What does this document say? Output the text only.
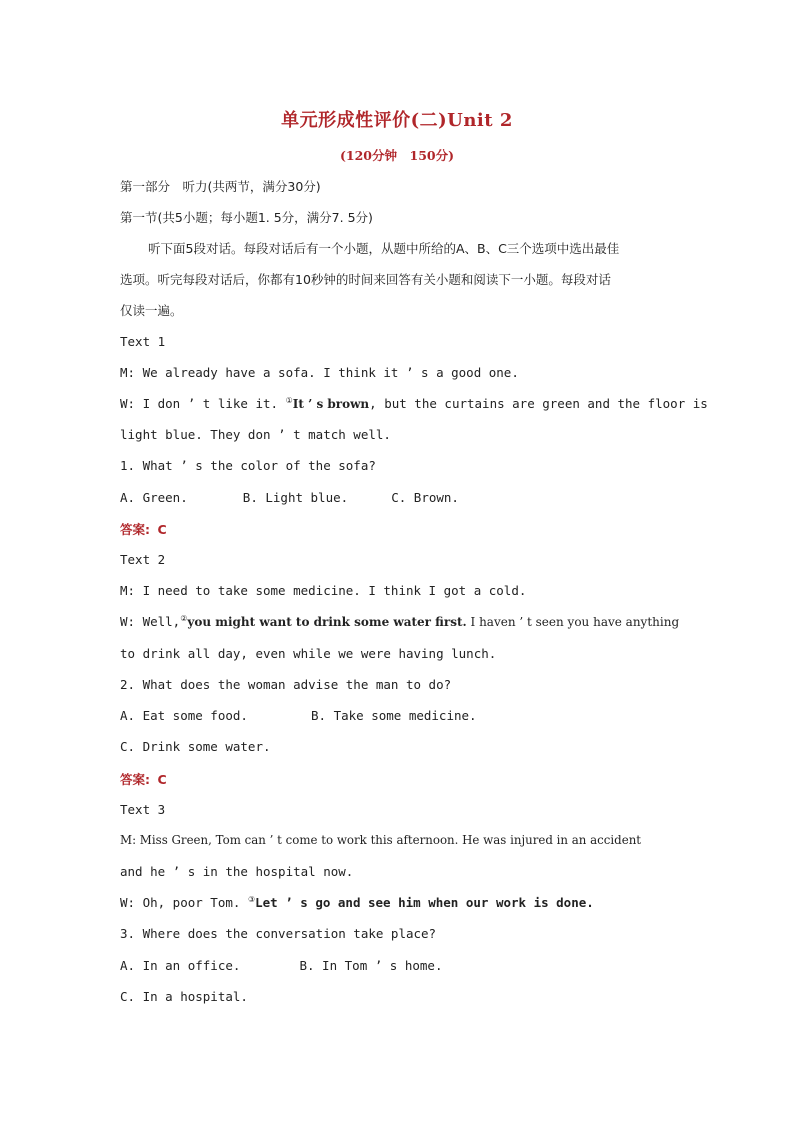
单元形成性评价(二)Unit 2
(120分钟　150分)
第一部分　听力(共两节，满分30分)
第一节(共5小题；每小题1. 5分，满分7. 5分)
听下面5段对话。每段对话后有一个小题，从题中所给的A、B、C三个选项中选出最佳
选项。听完每段对话后，你都有10秒钟的时间来回答有关小题和阅读下一小题。每段对话
仅读一遍。
Text 1
M: We already have a sofa. I think it ’ s a good one.
W: I don ’ t like it. ①It ’ s brown, but the curtains are green and the floor is
light blue. They don ’ t match well.
1. What ’ s the color of the sofa?
A. Green.	B. Light blue.	C. Brown.
答案: C
Text 2
M: I need to take some medicine. I think I got a cold.
W: Well,②you might want to drink some water first. I haven ’ t seen you have anything
to drink all day, even while we were having lunch.
2. What does the woman advise the man to do?
A. Eat some food.	B. Take some medicine.
C. Drink some water.
答案: C
Text 3
M: Miss Green, Tom can ’ t come to work this afternoon. He was injured in an accident
and he ’ s in the hospital now.
W: Oh, poor Tom. ③Let ’ s go and see him when our work is done.
3. Where does the conversation take place?
A. In an office.	B. In Tom ’ s home.
C. In a hospital.
